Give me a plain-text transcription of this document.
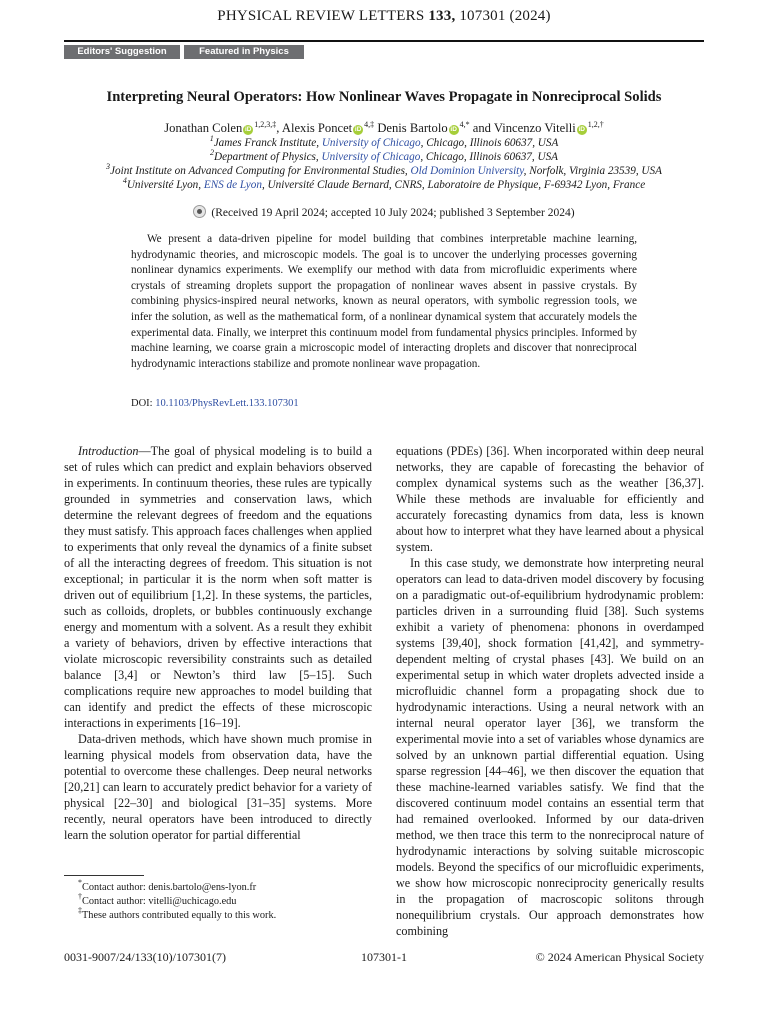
PHYSICAL REVIEW LETTERS 133, 107301 (2024)
Editors' Suggestion	Featured in Physics
Interpreting Neural Operators: How Nonlinear Waves Propagate in Nonreciprocal Solids
Jonathan Colen $iD^{1,2,3,\ddagger}$, Alexis Poncet $iD^{4,\ddagger}$ Denis Bartolo $iD^{4,*}$ and Vincenzo Vitelli $iD^{1,2,\dagger}$
$^1$James Franck Institute, University of Chicago, Chicago, Illinois 60637, USA
$^2$Department of Physics, University of Chicago, Chicago, Illinois 60637, USA
$^3$Joint Institute on Advanced Computing for Environmental Studies, Old Dominion University, Norfolk, Virginia 23539, USA
$^4$Université Lyon, ENS de Lyon, Université Claude Bernard, CNRS, Laboratoire de Physique, F-69342 Lyon, France
(Received 19 April 2024; accepted 10 July 2024; published 3 September 2024)
We present a data-driven pipeline for model building that combines interpretable machine learning, hydrodynamic theories, and microscopic models. The goal is to uncover the underlying processes governing nonlinear dynamics experiments. We exemplify our method with data from microfluidic experiments where crystals of streaming droplets support the propagation of nonlinear waves absent in passive crystals. By combining physics-inspired neural networks, known as neural operators, with symbolic regression tools, we infer the solution, as well as the mathematical form, of a nonlinear dynamical system that accurately models the experimental data. Finally, we interpret this continuum model from fundamental physics principles. Informed by machine learning, we coarse grain a microscopic model of interacting droplets and discover that nonreciprocal hydrodynamic interactions stabilize and promote nonlinear wave propagation.
DOI: 10.1103/PhysRevLett.133.107301

Introduction—The goal of physical modeling is to build a set of rules which can predict and explain behaviors observed in experiments. In continuum theories, these rules are typically grounded in symmetries and conservation laws, which determine the relevant degrees of freedom and the equations they must satisfy. This approach faces challenges when applied to experiments that only reveal the dynamics of a finite subset of all the interacting degrees of freedom. This situation is not exceptional; in particular it is the norm when soft matter is driven out of equilibrium [1,2]. In these systems, the particles, such as colloids, droplets, or bubbles continuously exchange energy and momentum with a solvent. As a result they exhibit a variety of behaviors, driven by effective interactions that violate microscopic reversibility constraints such as detailed balance [3,4] or Newton’s third law [5–15]. Such complications require new approaches to model building that can identify and predict the effects of these microscopic interactions in experiments [16–19].

Data-driven methods, which have shown much promise in learning physical models from observation data, have the potential to overcome these challenges. Deep neural networks [20,21] can learn to accurately predict behavior for a variety of physical [22–30] and biological [31–35] systems. More recently, neural operators have been introduced to directly learn the solution operator for partial differential

equations (PDEs) [36]. When incorporated within deep neural networks, they are capable of forecasting the behavior of complex dynamical systems such as the weather [36,37]. While these methods are invaluable for efficiently and accurately forecasting dynamics from data, less is known about how to interpret what they have learned about a physical system.

In this case study, we demonstrate how interpreting neural operators can lead to data-driven model discovery by focusing on a paradigmatic out-of-equilibrium hydrodynamic problem: particles driven in a surrounding fluid [38]. Such systems exhibit a variety of phenomena: phonons in overdamped systems [39,40], shock formation [41,42], and symmetry-dependent melting of crystal phases [43]. We build on an experimental setup in which water droplets advected inside a microfluidic channel form a propagating shock due to hydrodynamic interactions. Using a neural network with an internal neural operator layer [36], we transform the experimental movie into a set of variables whose dynamics are solved by an unknown partial differential equation. Using sparse regression [44–46], we then discover the equation that these machine-learned variables satisfy. We find that the discovered continuum model contains an essential term that had remained overlooked. Informed by our data-driven method, we then trace this term to the nonreciprocal nature of hydrodynamic interactions by solving suitable microscopic models. Beyond the specifics of our microfluidic experiments, we show how microscopic nonreciprocity generically results in the propagation of macroscopic solitons through nonequilibrium crystals. Our approach demonstrates how combining

*Contact author: denis.bartolo@ens-lyon.fr
†Contact author: vitelli@uchicago.edu
‡These authors contributed equally to this work.
0031-9007/24/133(10)/107301(7)	107301-1	© 2024 American Physical Society
